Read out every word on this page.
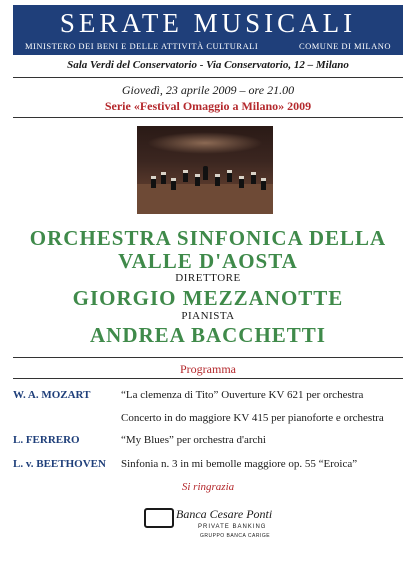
SERATE MUSICALI
MINISTERO DEI BENI E DELLE ATTIVITÀ CULTURALI	COMUNE DI MILANO
Sala Verdi del Conservatorio - Via Conservatorio, 12 – Milano
Giovedì, 23 aprile 2009 – ore 21.00
Serie «Festival Omaggio a Milano» 2009
ORCHESTRA SINFONICA DELLA
VALLE D'AOSTA
DIRETTORE
GIORGIO MEZZANOTTE
PIANISTA
ANDREA BACCHETTI
Programma
W. A. MOZART	“La clemenza di Tito” Ouverture KV 621 per orchestra
Concerto in do maggiore KV 415 per pianoforte e orchestra
L. FERRERO	“My Blues” per orchestra d'archi
L. v. BEETHOVEN Sinfonia n. 3 in mi bemolle maggiore op. 55 “Eroica”
Si ringrazia
Banca Cesare Ponti
PRIVATE BANKING
GRUPPO BANCA CARIGE
